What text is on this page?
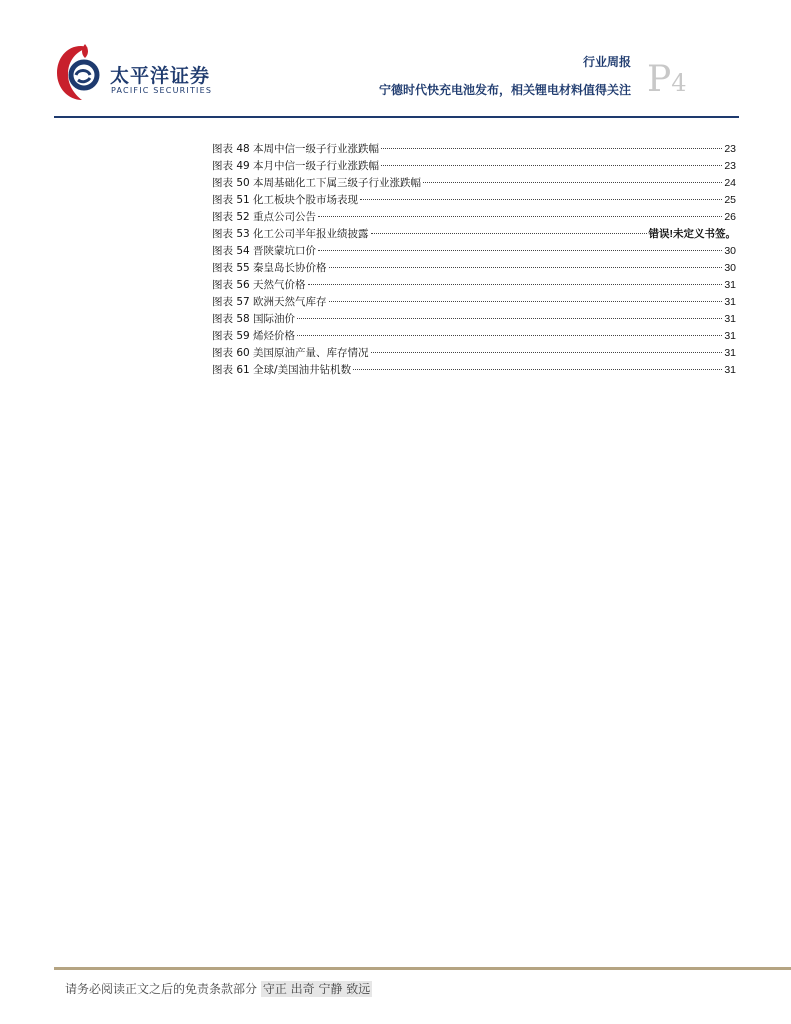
太平洋证券
PACIFIC SECURITIES
行业周报
宁德时代快充电池发布，相关锂电材料值得关注 P4
图表 48 本周中信一级子行业涨跌幅	23
图表 49 本月中信一级子行业涨跌幅	23
图表 50 本周基础化工下属三级子行业涨跌幅	24
图表 51 化工板块个股市场表现	25
图表 52 重点公司公告	26
图表 53 化工公司半年报业绩披露	错误!未定义书签。
图表 54 晋陕蒙坑口价	30
图表 55 秦皇岛长协价格	30
图表 56 天然气价格	31
图表 57 欧洲天然气库存	31
图表 58 国际油价	31
图表 59 烯烃价格	31
图表 60 美国原油产量、库存情况	31
图表 61 全球/美国油井钻机数	31
请务必阅读正文之后的免责条款部分 守正 出奇 宁静 致远
